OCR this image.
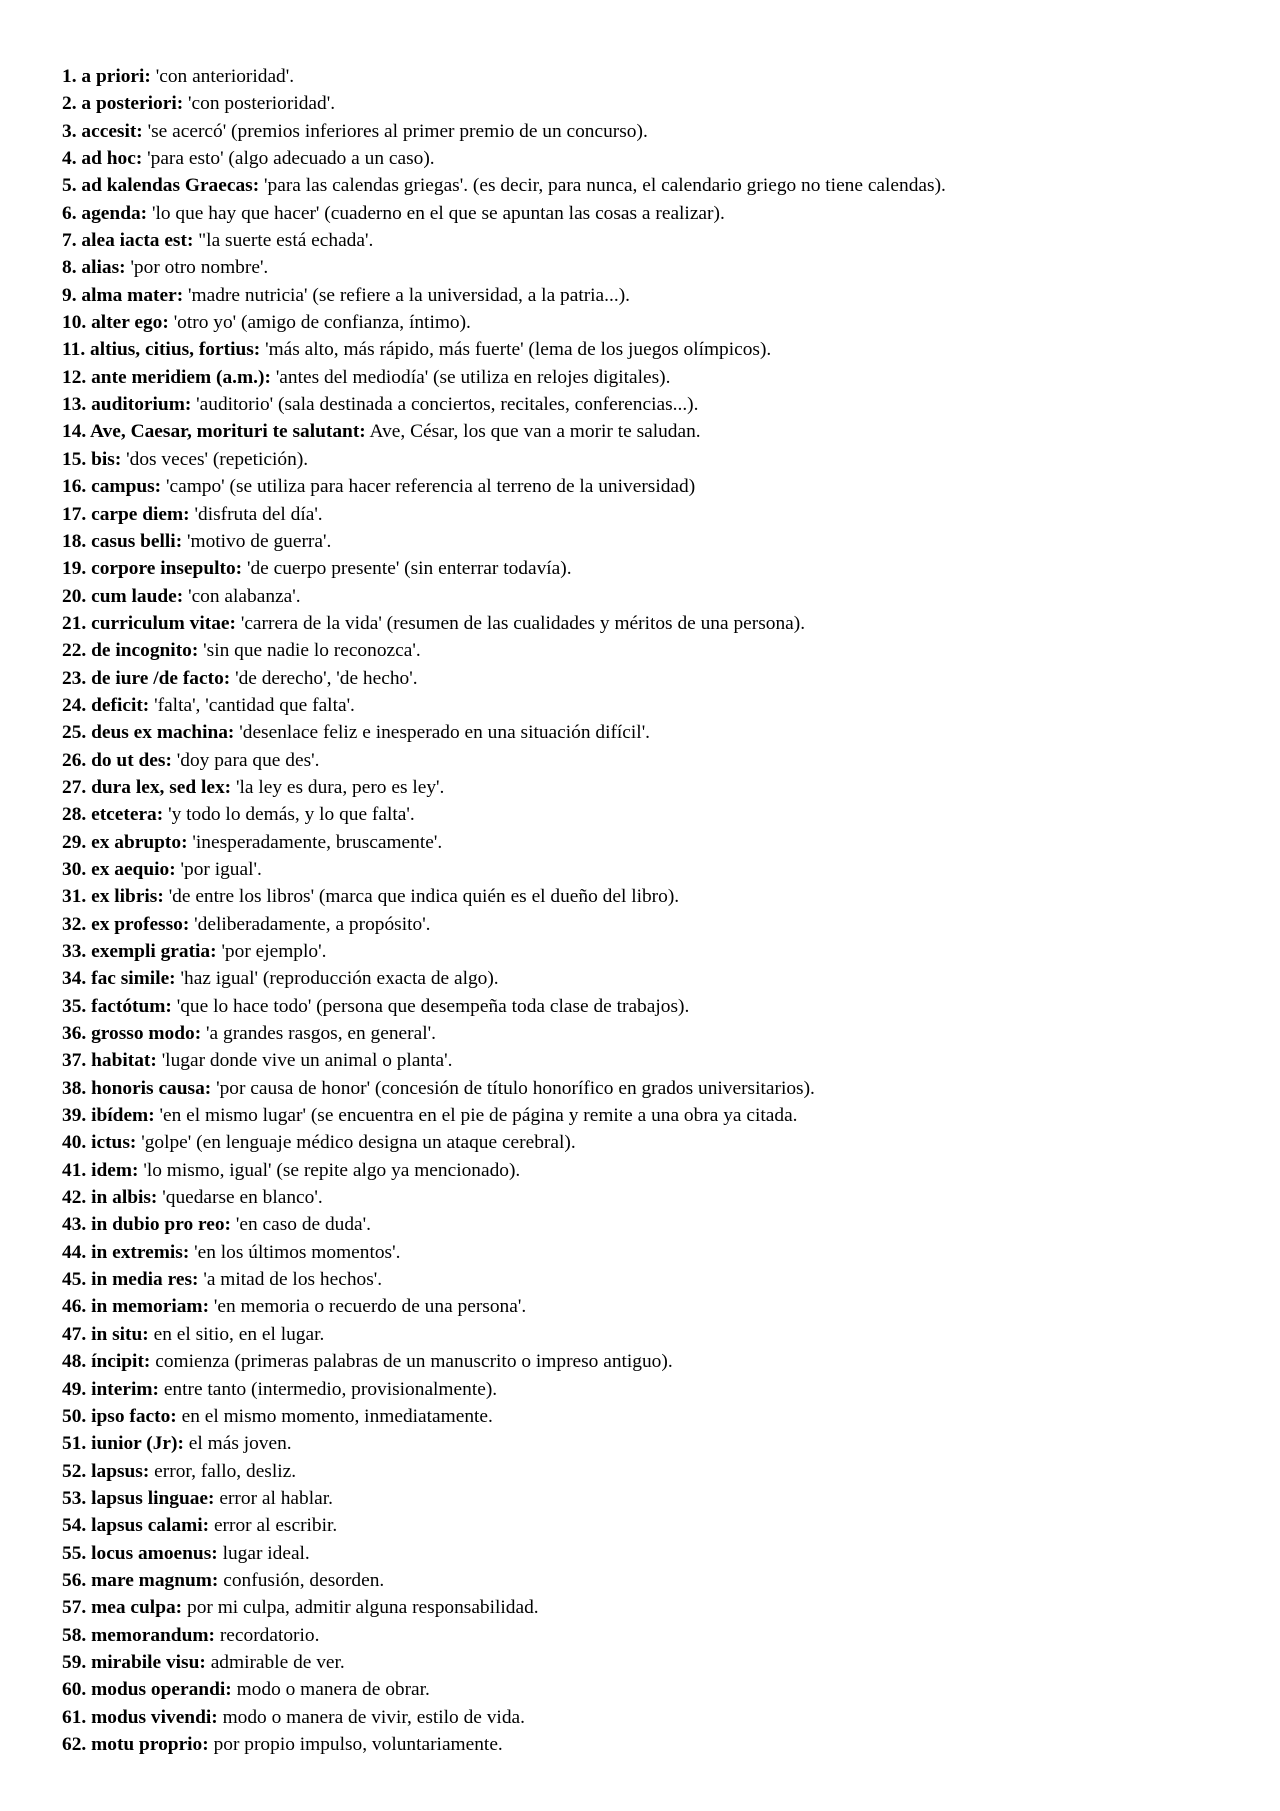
1. a priori: 'con anterioridad'.
2. a posteriori: 'con posterioridad'.
3. accesit: 'se acercó' (premios inferiores al primer premio de un concurso).
4. ad hoc: 'para esto' (algo adecuado a un caso).
5. ad kalendas Graecas: 'para las calendas griegas'. (es decir, para nunca, el calendario griego no tiene calendas).
6. agenda: 'lo que hay que hacer' (cuaderno en el que se apuntan las cosas a realizar).
7. alea iacta est: "la suerte está echada'.
8. alias: 'por otro nombre'.
9. alma mater: 'madre nutricia' (se refiere a la universidad, a la patria...).
10. alter ego: 'otro yo' (amigo de confianza, íntimo).
11. altius, citius, fortius: 'más alto, más rápido, más fuerte' (lema de los juegos olímpicos).
12. ante meridiem (a.m.): 'antes del mediodía' (se utiliza en relojes digitales).
13. auditorium: 'auditorio' (sala destinada a conciertos, recitales, conferencias...).
14. Ave, Caesar, morituri te salutant: Ave, César, los que van a morir te saludan.
15. bis: 'dos veces' (repetición).
16. campus: 'campo' (se utiliza para hacer referencia al terreno de la universidad)
17. carpe diem: 'disfruta del día'.
18. casus belli: 'motivo de guerra'.
19. corpore insepulto: 'de cuerpo presente' (sin enterrar todavía).
20. cum laude: 'con alabanza'.
21. curriculum vitae: 'carrera de la vida' (resumen de las cualidades y méritos de una persona).
22. de incognito: 'sin que nadie lo reconozca'.
23. de iure /de facto: 'de derecho', 'de hecho'.
24. deficit: 'falta', 'cantidad que falta'.
25. deus ex machina: 'desenlace feliz e inesperado en una situación difícil'.
26. do ut des: 'doy para que des'.
27. dura lex, sed lex: 'la ley es dura, pero es ley'.
28. etcetera: 'y todo lo demás, y lo que falta'.
29. ex abrupto: 'inesperadamente, bruscamente'.
30. ex aequio: 'por igual'.
31. ex libris: 'de entre los libros' (marca que indica quién es el dueño del libro).
32. ex professo: 'deliberadamente, a propósito'.
33. exempli gratia: 'por ejemplo'.
34. fac simile: 'haz igual' (reproducción exacta de algo).
35. factótum: 'que lo hace todo' (persona que desempeña toda clase de trabajos).
36. grosso modo: 'a grandes rasgos, en general'.
37. habitat: 'lugar donde vive un animal o planta'.
38. honoris causa: 'por causa de honor' (concesión de título honorífico en grados universitarios).
39. ibídem: 'en el mismo lugar' (se encuentra en el pie de página y remite a una obra ya citada.
40. ictus: 'golpe' (en lenguaje médico designa un ataque cerebral).
41. idem: 'lo mismo, igual' (se repite algo ya mencionado).
42. in albis: 'quedarse en blanco'.
43. in dubio pro reo: 'en caso de duda'.
44. in extremis: 'en los últimos momentos'.
45. in media res: 'a mitad de los hechos'.
46. in memoriam: 'en memoria o recuerdo de una persona'.
47. in situ: en el sitio, en el lugar.
48. íncipit: comienza (primeras palabras de un manuscrito o impreso antiguo).
49. interim: entre tanto (intermedio, provisionalmente).
50. ipso facto: en el mismo momento, inmediatamente.
51. iunior (Jr): el más joven.
52. lapsus: error, fallo, desliz.
53. lapsus linguae: error al hablar.
54. lapsus calami: error al escribir.
55. locus amoenus: lugar ideal.
56. mare magnum: confusión, desorden.
57. mea culpa: por mi culpa, admitir alguna responsabilidad.
58. memorandum: recordatorio.
59. mirabile visu: admirable de ver.
60. modus operandi: modo o manera de obrar.
61. modus vivendi: modo o manera de vivir, estilo de vida.
62. motu proprio: por propio impulso, voluntariamente.
